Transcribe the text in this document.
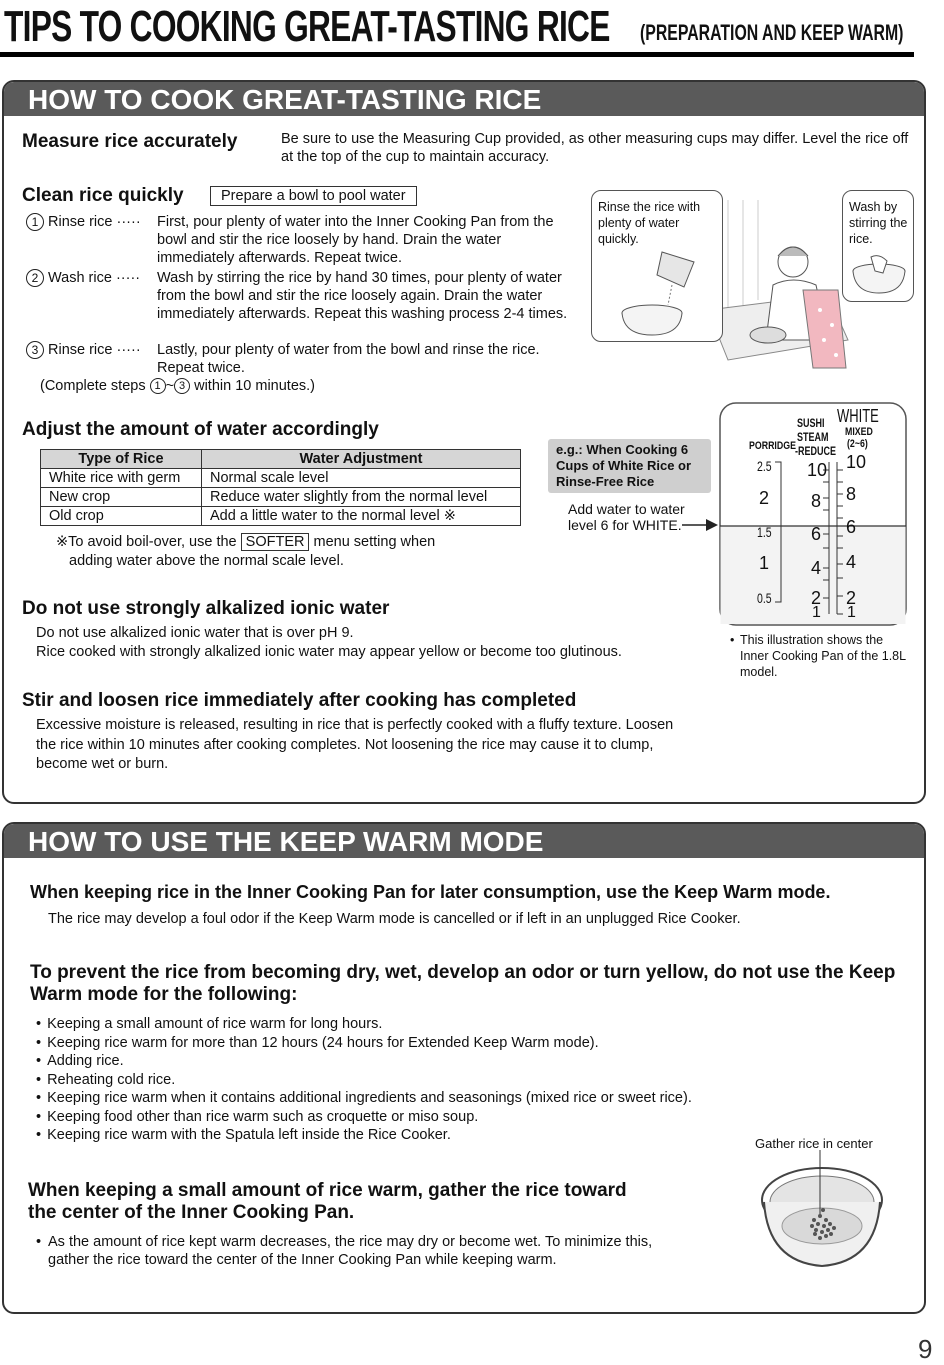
TIPS TO COOKING GREAT-TASTING RICE (PREPARATION AND KEEP WARM)
HOW TO COOK GREAT-TASTING RICE
Measure rice accurately	Be sure to use the Measuring Cup provided, as other measuring cups may differ. Level the rice off at the top of the cup to maintain accuracy.
Clean rice quickly	Prepare a bowl to pool water
1 Rinse rice ····· First, pour plenty of water into the Inner Cooking Pan from the bowl and stir the rice loosely by hand. Drain the water immediately afterwards. Repeat twice.
2 Wash rice ····· Wash by stirring the rice by hand 30 times, pour plenty of water from the bowl and stir the rice loosely again. Drain the water immediately afterwards. Repeat this washing process 2-4 times.
3 Rinse rice ····· Lastly, pour plenty of water from the bowl and rinse the rice. Repeat twice.
(Complete steps 1 ~ 3 within 10 minutes.)
Rinse the rice with plenty of water quickly.
Wash by stirring the rice.
Adjust the amount of water accordingly
Type of Rice	Water Adjustment
White rice with germ	Normal scale level
New crop	Reduce water slightly from the normal level
Old crop	Add a little water to the normal level ※
※To avoid boil-over, use the SOFTER menu setting when
adding water above the normal scale level.
e.g.: When Cooking 6 Cups of White Rice or Rinse-Free Rice
Add water to water level 6 for WHITE.
PORRIDGE
SUSHI
STEAM
-REDUCE
WHITE
MIXED
(2~6)
2.5
2
1.5
1
0.5
10
8
6
4
2
1
10
8
6
4
2
1
• This illustration shows the Inner Cooking Pan of the 1.8L model.
Do not use strongly alkalized ionic water
Do not use alkalized ionic water that is over pH 9.
Rice cooked with strongly alkalized ionic water may appear yellow or become too glutinous.
Stir and loosen rice immediately after cooking has completed
Excessive moisture is released, resulting in rice that is perfectly cooked with a fluffy texture. Loosen the rice within 10 minutes after cooking completes. Not loosening the rice may cause it to clump, become wet or burn.
HOW TO USE THE KEEP WARM MODE
When keeping rice in the Inner Cooking Pan for later consumption, use the Keep Warm mode.
The rice may develop a foul odor if the Keep Warm mode is cancelled or if left in an unplugged Rice Cooker.
To prevent the rice from becoming dry, wet, develop an odor or turn yellow, do not use the Keep Warm mode for the following:
• Keeping a small amount of rice warm for long hours.
• Keeping rice warm for more than 12 hours (24 hours for Extended Keep Warm mode).
• Adding rice.
• Reheating cold rice.
• Keeping rice warm when it contains additional ingredients and seasonings (mixed rice or sweet rice).
• Keeping food other than rice warm such as croquette or miso soup.
• Keeping rice warm with the Spatula left inside the Rice Cooker.
Gather rice in center
When keeping a small amount of rice warm, gather the rice toward the center of the Inner Cooking Pan.
• As the amount of rice kept warm decreases, the rice may dry or become wet. To minimize this, gather the rice toward the center of the Inner Cooking Pan while keeping warm.
9
